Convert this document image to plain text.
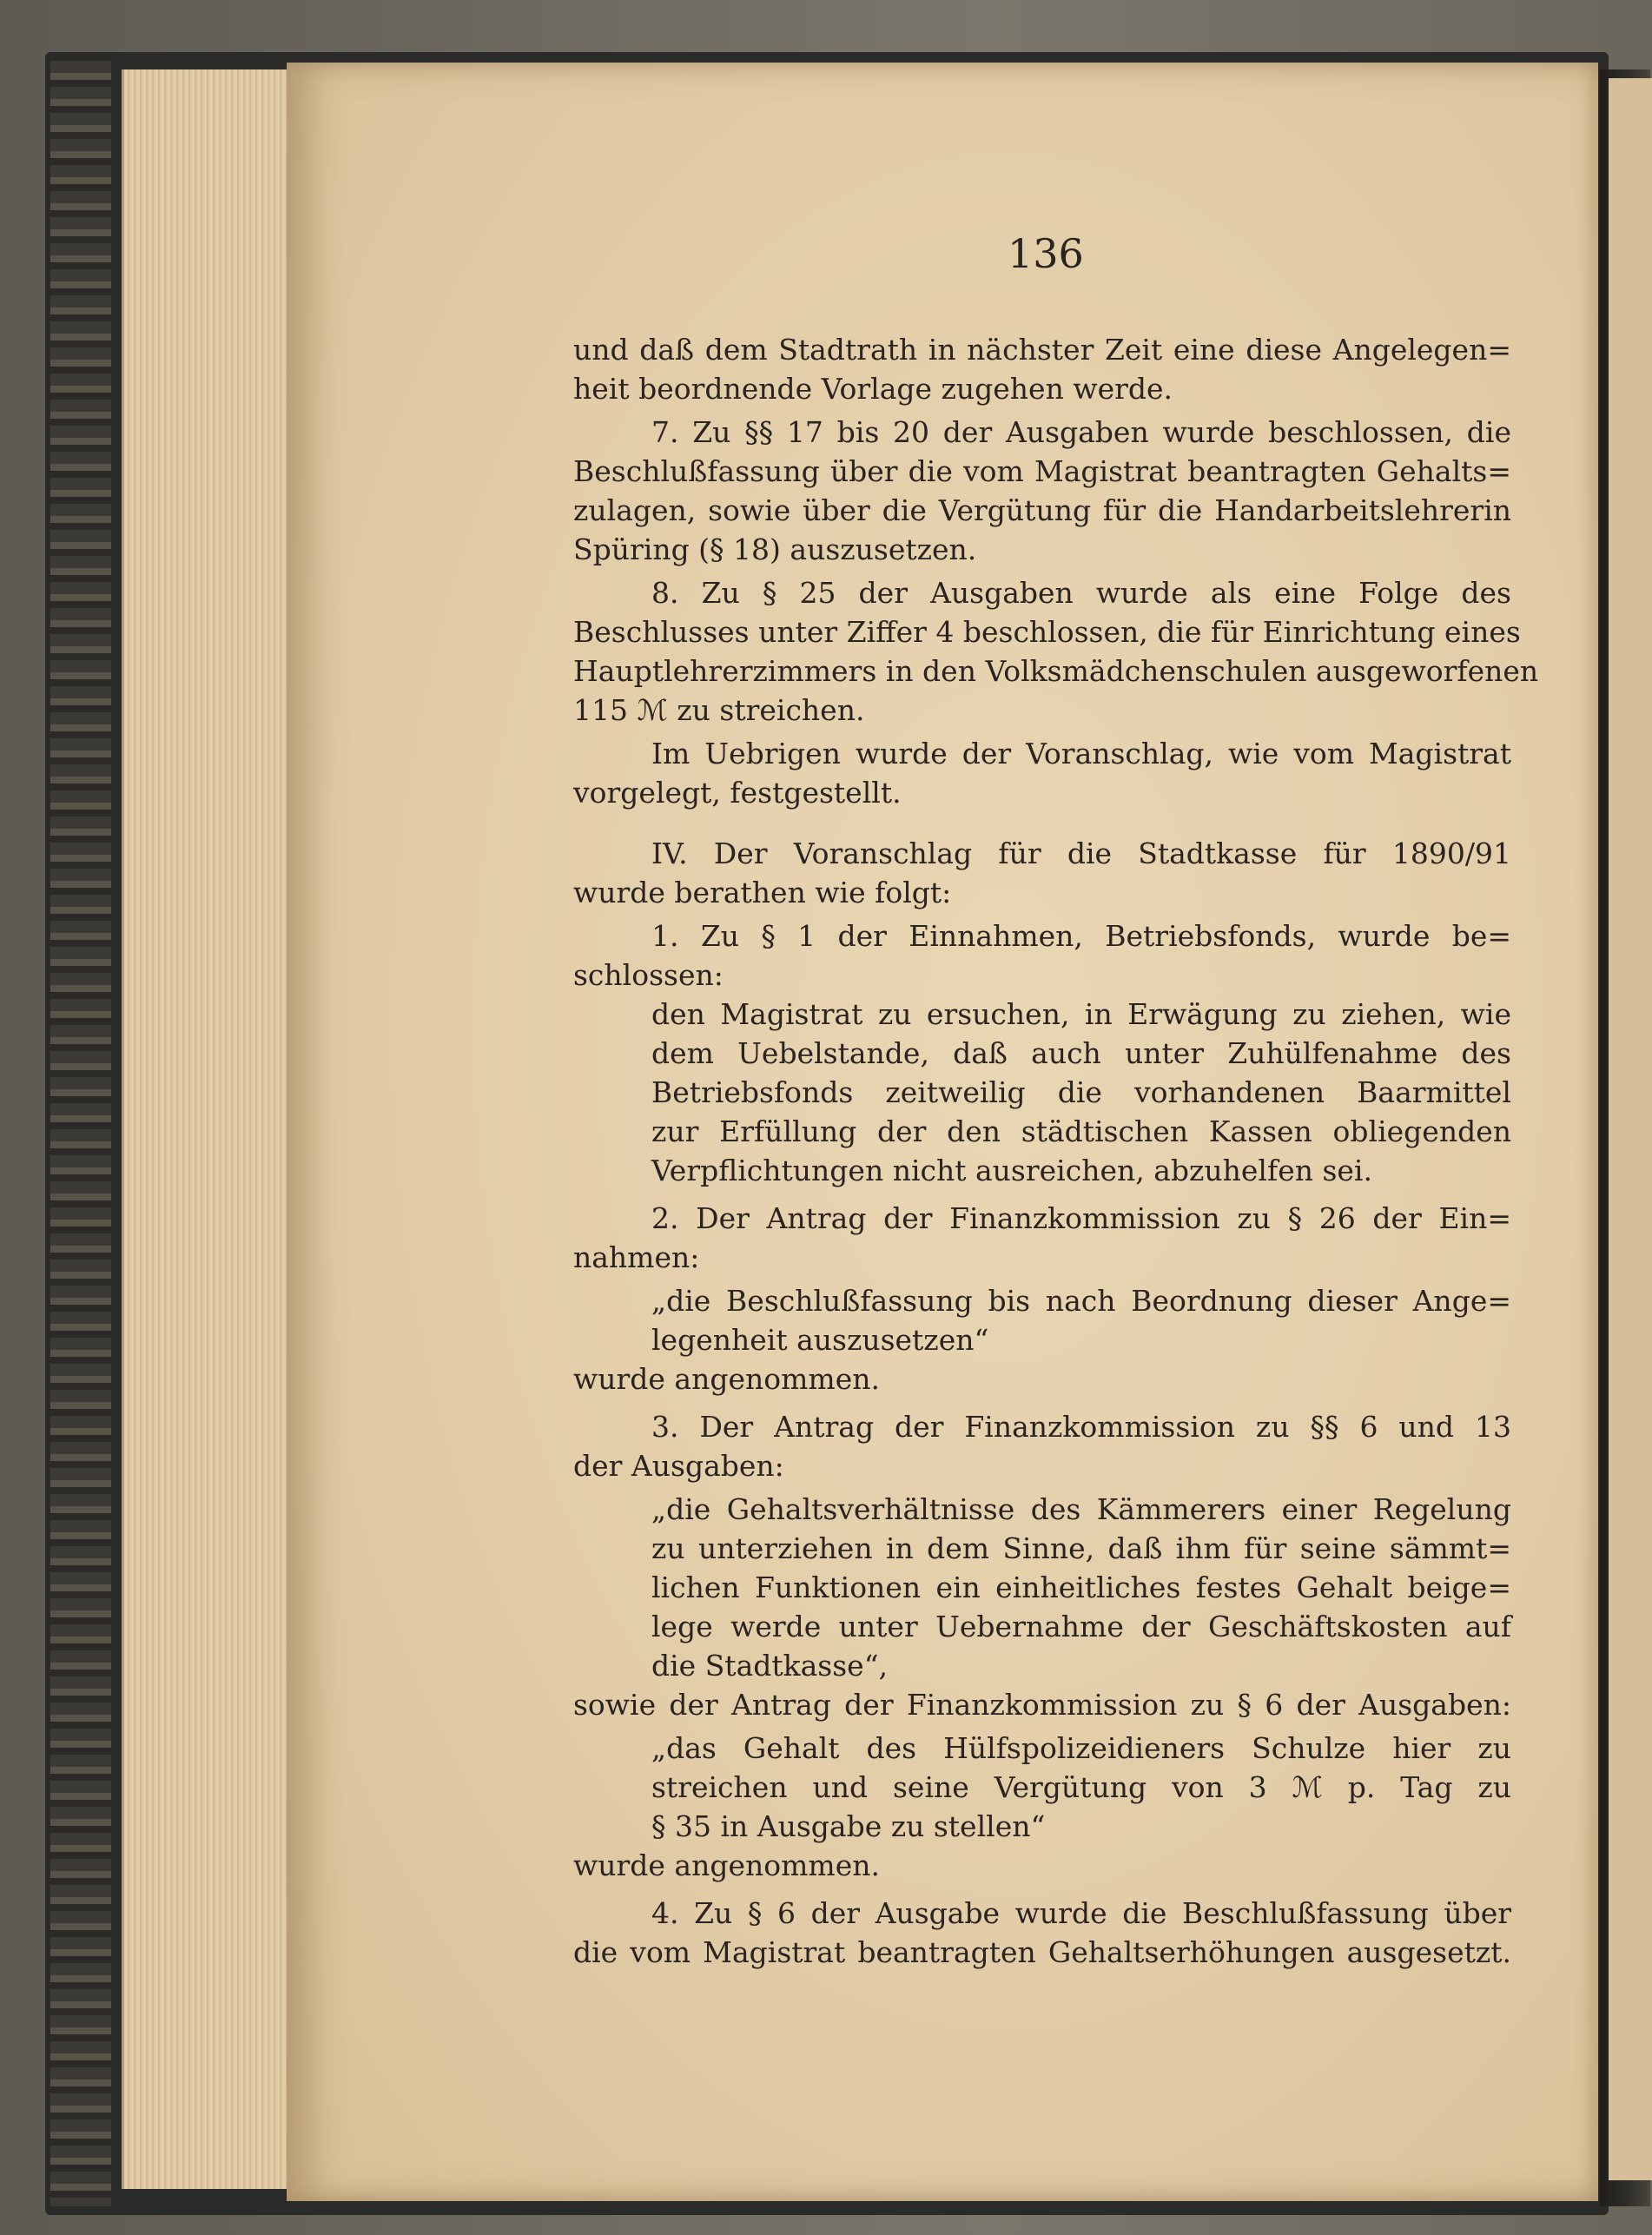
136
und daß dem Stadtrath in nächster Zeit eine diese Angelegen=
heit beordnende Vorlage zugehen werde.
7. Zu §§ 17 bis 20 der Ausgaben wurde beschlossen, die
Beschlußfassung über die vom Magistrat beantragten Gehalts=
zulagen, sowie über die Vergütung für die Handarbeitslehrerin
Spüring (§ 18) auszusetzen.
8. Zu § 25 der Ausgaben wurde als eine Folge des
Beschlusses unter Ziffer 4 beschlossen, die für Einrichtung eines
Hauptlehrerzimmers in den Volksmädchenschulen ausgeworfenen
115 ℳ zu streichen.
Im Uebrigen wurde der Voranschlag, wie vom Magistrat
vorgelegt, festgestellt.
IV. Der Voranschlag für die Stadtkasse für 1890/91
wurde berathen wie folgt:
1. Zu § 1 der Einnahmen, Betriebsfonds, wurde be=
schlossen:
den Magistrat zu ersuchen, in Erwägung zu ziehen, wie
dem Uebelstande, daß auch unter Zuhülfenahme des
Betriebsfonds zeitweilig die vorhandenen Baarmittel
zur Erfüllung der den städtischen Kassen obliegenden
Verpflichtungen nicht ausreichen, abzuhelfen sei.
2. Der Antrag der Finanzkommission zu § 26 der Ein=
nahmen:
„die Beschlußfassung bis nach Beordnung dieser Ange=
legenheit auszusetzen“
wurde angenommen.
3. Der Antrag der Finanzkommission zu §§ 6 und 13
der Ausgaben:
„die Gehaltsverhältnisse des Kämmerers einer Regelung
zu unterziehen in dem Sinne, daß ihm für seine sämmt=
lichen Funktionen ein einheitliches festes Gehalt beige=
lege werde unter Uebernahme der Geschäftskosten auf
die Stadtkasse“,
sowie der Antrag der Finanzkommission zu § 6 der Ausgaben:
„das Gehalt des Hülfspolizeidieners Schulze hier zu
streichen und seine Vergütung von 3 ℳ p. Tag zu
§ 35 in Ausgabe zu stellen“
wurde angenommen.
4. Zu § 6 der Ausgabe wurde die Beschlußfassung über
die vom Magistrat beantragten Gehaltserhöhungen ausgesetzt.
